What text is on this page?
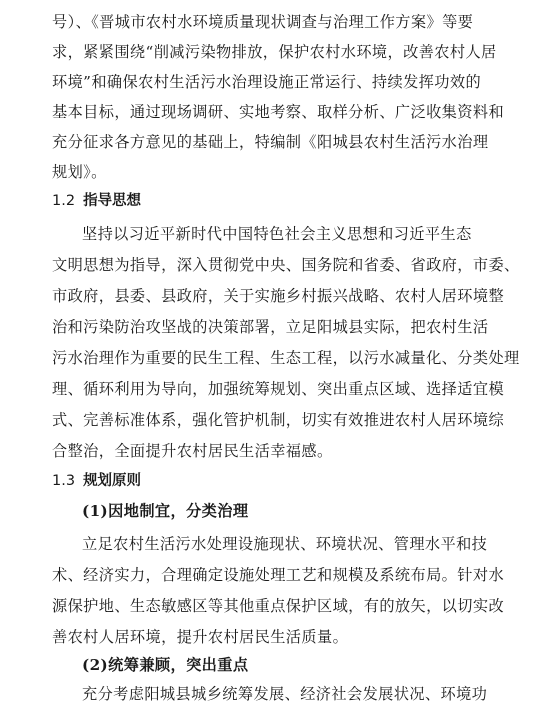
号）、《晋城市农村水环境质量现状调查与治理工作方案》等要
求，紧紧围绕“削减污染物排放，保护农村水环境，改善农村人居
环境”和确保农村生活污水治理设施正常运行、持续发挥功效的
基本目标，通过现场调研、实地考察、取样分析、广泛收集资料和
充分征求各方意见的基础上，特编制《阳城县农村生活污水治理
规划》。
1.2 指导思想
坚持以习近平新时代中国特色社会主义思想和习近平生态
文明思想为指导，深入贯彻党中央、国务院和省委、省政府，市委、
市政府，县委、县政府，关于实施乡村振兴战略、农村人居环境整
治和污染防治攻坚战的决策部署，立足阳城县实际，把农村生活
污水治理作为重要的民生工程、生态工程，以污水减量化、分类处理
理、循环利用为导向，加强统筹规划、突出重点区域、选择适宜模
式、完善标准体系，强化管护机制，切实有效推进农村人居环境综
合整治，全面提升农村居民生活幸福感。
1.3 规划原则
(1)因地制宜，分类治理
立足农村生活污水处理设施现状、环境状况、管理水平和技
术、经济实力，合理确定设施处理工艺和规模及系统布局。针对水
源保护地、生态敏感区等其他重点保护区域，有的放矢，以切实改
善农村人居环境，提升农村居民生活质量。
(2)统筹兼顾，突出重点
充分考虑阳城县城乡统筹发展、经济社会发展状况、环境功
